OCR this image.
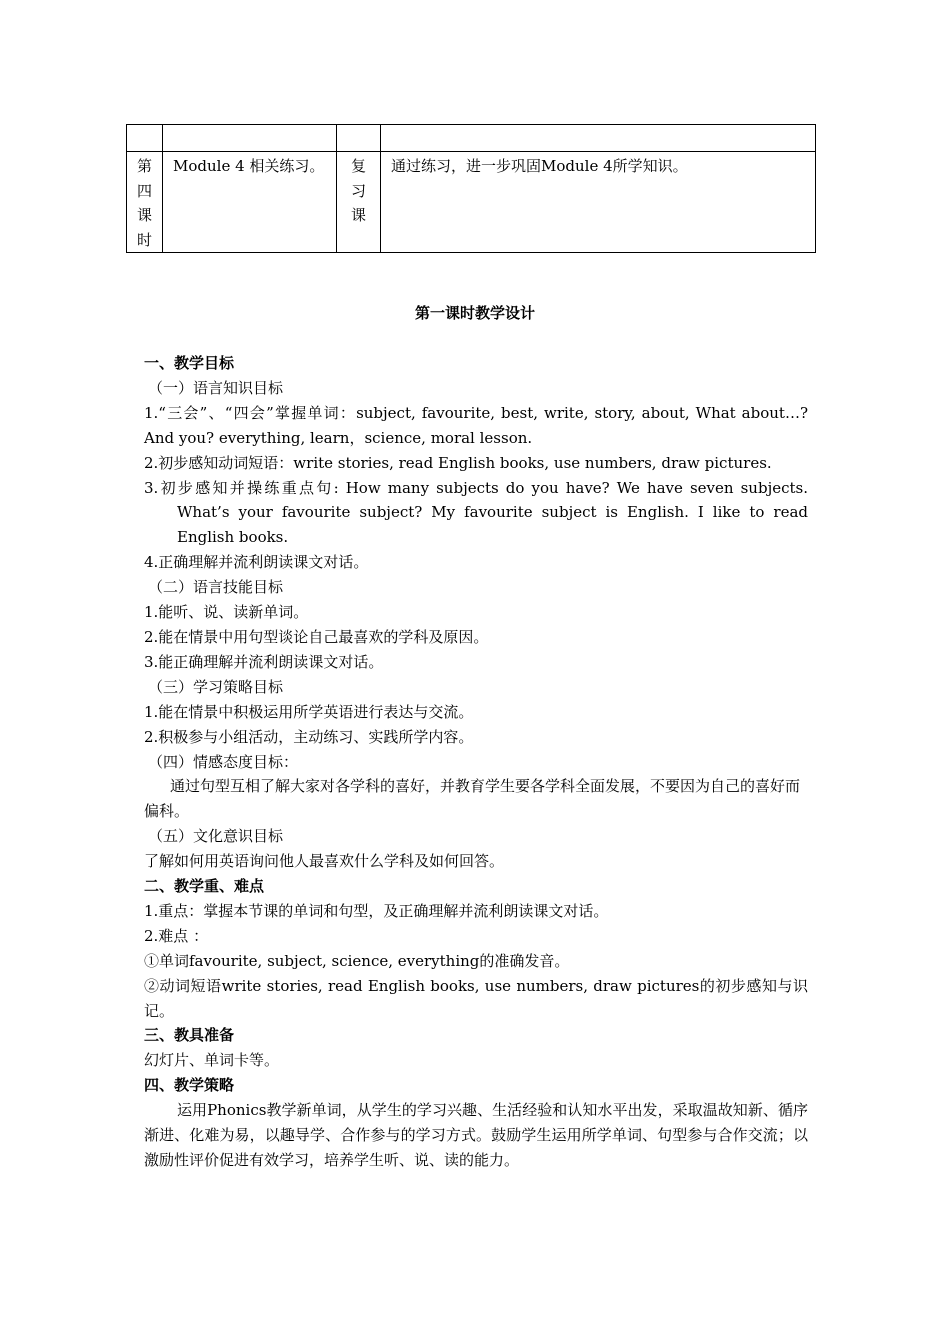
第四课时	Module 4 相关练习。	复习课	通过练习，进一步巩固Module 4所学知识。
第一课时教学设计

一、教学目标

（一）语言知识目标

1.“三会”、“四会”掌握单词：subject, favourite, best, write, story, about, What about…? And you? everything, learn，science, moral lesson.

2.初步感知动词短语：write stories, read English books, use numbers, draw pictures.

3.初步感知并操练重点句: How many subjects do you have? We have seven subjects. What’s your favourite subject? My favourite subject is English. I like to read English books.

4.正确理解并流利朗读课文对话。

（二）语言技能目标

1.能听、说、读新单词。

2.能在情景中用句型谈论自己最喜欢的学科及原因。

3.能正确理解并流利朗读课文对话。

（三）学习策略目标

1.能在情景中积极运用所学英语进行表达与交流。

2.积极参与小组活动，主动练习、实践所学内容。

（四）情感态度目标：

通过句型互相了解大家对各学科的喜好，并教育学生要各学科全面发展，不要因为自己的喜好而偏科。

（五）文化意识目标

了解如何用英语询问他人最喜欢什么学科及如何回答。

二、教学重、难点

1.重点：掌握本节课的单词和句型，及正确理解并流利朗读课文对话。

2.难点 ：

①单词favourite, subject, science, everything的准确发音。

②动词短语write stories, read English books, use numbers, draw pictures的初步感知与识记。

三、教具准备

幻灯片、单词卡等。

四、教学策略

运用Phonics教学新单词，从学生的学习兴趣、生活经验和认知水平出发，采取温故知新、循序渐进、化难为易，以趣导学、合作参与的学习方式。鼓励学生运用所学单词、句型参与合作交流；以激励性评价促进有效学习，培养学生听、说、读的能力。
